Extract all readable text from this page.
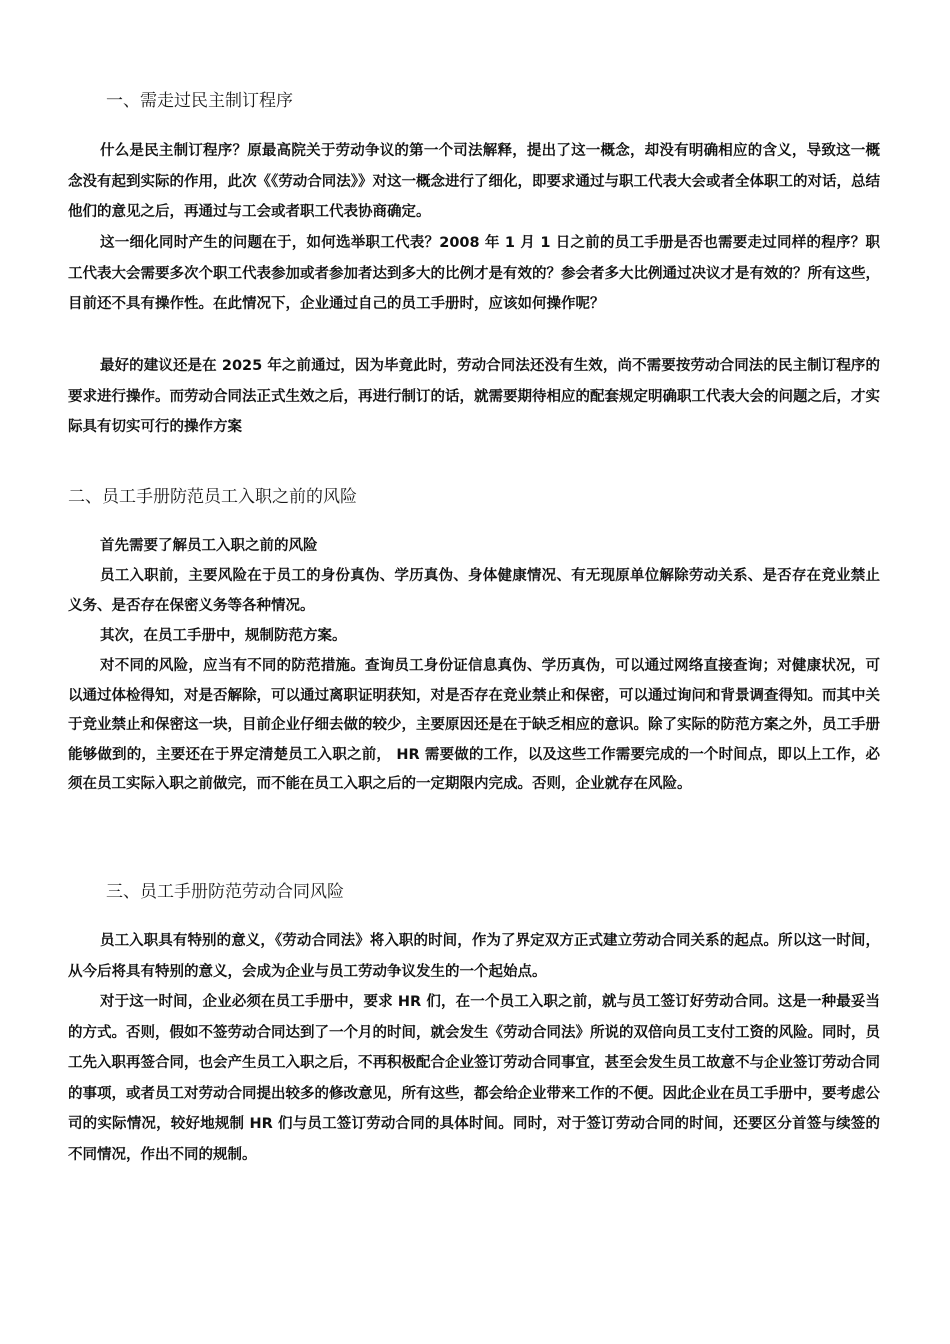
一、需走过民主制订程序

什么是民主制订程序？原最高院关于劳动争议的第一个司法解释，提出了这一概念，却没有明确相应的含义，导致这一概念没有起到实际的作用，此次《《劳动合同法》》对这一概念进行了细化，即要求通过与职工代表大会或者全体职工的对话，总结他们的意见之后，再通过与工会或者职工代表协商确定。

这一细化同时产生的问题在于，如何选举职工代表？2008 年 1 月 1 日之前的员工手册是否也需要走过同样的程序？职工代表大会需要多次个职工代表参加或者参加者达到多大的比例才是有效的？参会者多大比例通过决议才是有效的？所有这些，目前还不具有操作性。在此情况下，企业通过自己的员工手册时，应该如何操作呢？

最好的建议还是在 2025 年之前通过，因为毕竟此时，劳动合同法还没有生效，尚不需要按劳动合同法的民主制订程序的要求进行操作。而劳动合同法正式生效之后，再进行制订的话，就需要期待相应的配套规定明确职工代表大会的问题之后，才实际具有切实可行的操作方案

二、员工手册防范员工入职之前的风险

首先需要了解员工入职之前的风险

员工入职前，主要风险在于员工的身份真伪、学历真伪、身体健康情况、有无现原单位解除劳动关系、是否存在竞业禁止义务、是否存在保密义务等各种情况。

其次，在员工手册中，规制防范方案。

对不同的风险，应当有不同的防范措施。查询员工身份证信息真伪、学历真伪，可以通过网络直接查询；对健康状况，可以通过体检得知，对是否解除，可以通过离职证明获知，对是否存在竞业禁止和保密，可以通过询问和背景调查得知。而其中关于竞业禁止和保密这一块，目前企业仔细去做的较少，主要原因还是在于缺乏相应的意识。除了实际的防范方案之外，员工手册能够做到的，主要还在于界定清楚员工入职之前， HR 需要做的工作，以及这些工作需要完成的一个时间点，即以上工作，必须在员工实际入职之前做完，而不能在员工入职之后的一定期限内完成。否则，企业就存在风险。

三、员工手册防范劳动合同风险

员工入职具有特别的意义，《劳动合同法》将入职的时间，作为了界定双方正式建立劳动合同关系的起点。所以这一时间，从今后将具有特别的意义，会成为企业与员工劳动争议发生的一个起始点。

对于这一时间，企业必须在员工手册中，要求 HR 们，在一个员工入职之前，就与员工签订好劳动合同。这是一种最妥当的方式。否则，假如不签劳动合同达到了一个月的时间，就会发生《劳动合同法》所说的双倍向员工支付工资的风险。同时，员工先入职再签合同，也会产生员工入职之后，不再积极配合企业签订劳动合同事宜，甚至会发生员工故意不与企业签订劳动合同的事项，或者员工对劳动合同提出较多的修改意见，所有这些，都会给企业带来工作的不便。因此企业在员工手册中，要考虑公司的实际情况，较好地规制 HR 们与员工签订劳动合同的具体时间。同时，对于签订劳动合同的时间，还要区分首签与续签的不同情况，作出不同的规制。
